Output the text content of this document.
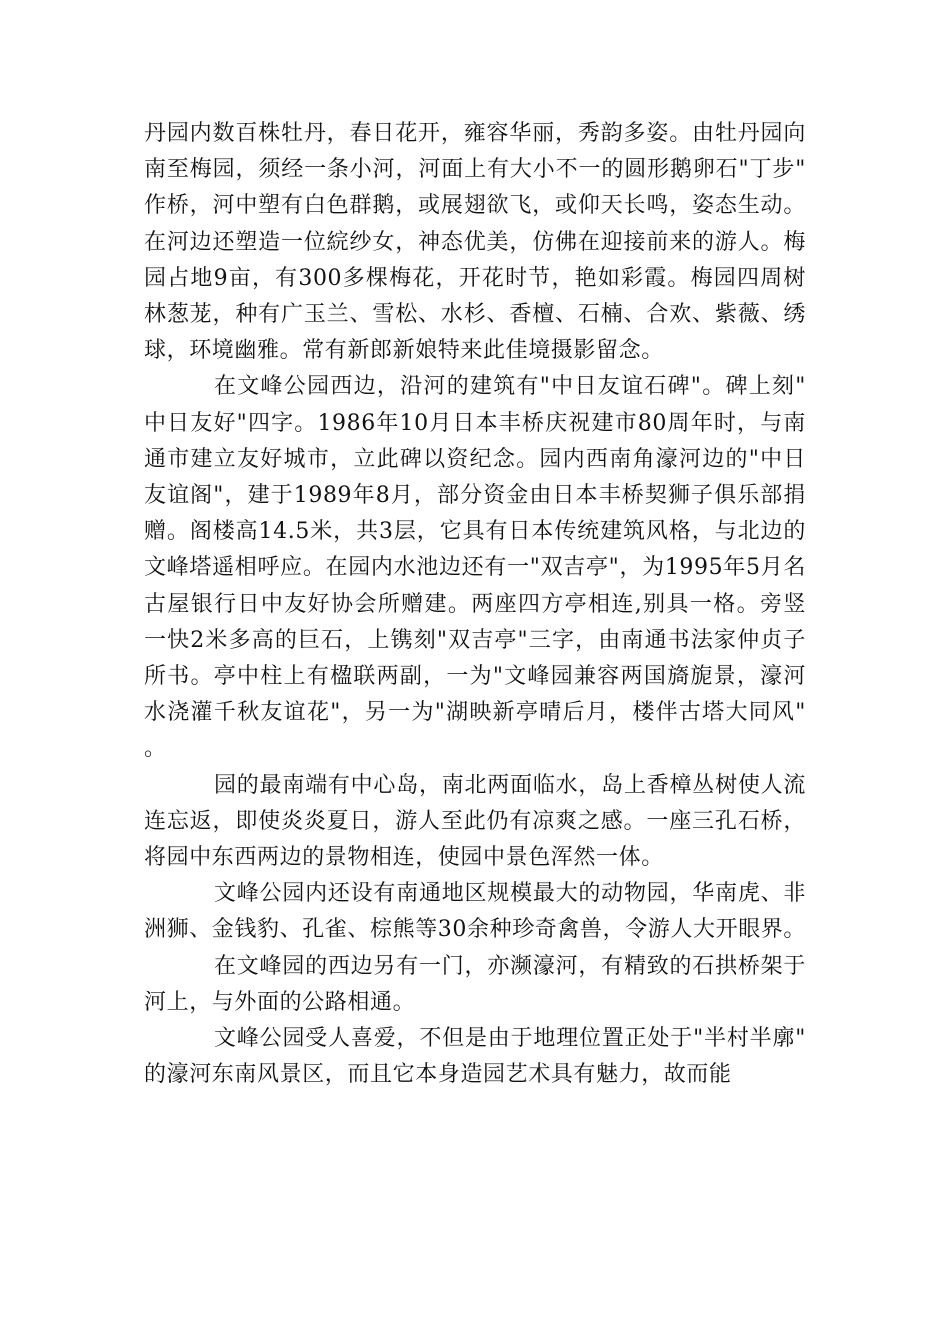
丹园内数百株牡丹，春日花开，雍容华丽，秀韵多姿。由牡丹园向南至梅园，须经一条小河，河面上有大小不一的圆形鹅卵石"丁步"作桥，河中塑有白色群鹅，或展翅欲飞，或仰天长鸣，姿态生动。在河边还塑造一位綄纱女，神态优美，仿佛在迎接前来的游人。梅园占地9亩，有300多棵梅花，开花时节，艳如彩霞。梅园四周树林葱茏，种有广玉兰、雪松、水杉、香檀、石楠、合欢、紫薇、绣球，环境幽雅。常有新郎新娘特来此佳境摄影留念。

在文峰公园西边，沿河的建筑有"中日友谊石碑"。碑上刻"中日友好"四字。1986年10月日本丰桥庆祝建市80周年时，与南通市建立友好城市，立此碑以资纪念。园内西南角濠河边的"中日友谊阁"，建于1989年8月，部分资金由日本丰桥契狮子俱乐部捐赠。阁楼高14.5米，共3层，它具有日本传统建筑风格，与北边的文峰塔遥相呼应。在园内水池边还有一"双吉亭"，为1995年5月名古屋银行日中友好协会所赠建。两座四方亭相连,别具一格。旁竖一快2米多高的巨石，上镌刻"双吉亭"三字，由南通书法家仲贞子所书。亭中柱上有楹联两副，一为"文峰园兼容两国旖旎景，濠河水浇灌千秋友谊花"，另一为"湖映新亭晴后月，楼伴古塔大同风"。

园的最南端有中心岛，南北两面临水，岛上香樟丛树使人流连忘返，即使炎炎夏日，游人至此仍有凉爽之感。一座三孔石桥，将园中东西两边的景物相连，使园中景色浑然一体。

文峰公园内还设有南通地区规模最大的动物园，华南虎、非洲狮、金钱豹、孔雀、棕熊等30余种珍奇禽兽，令游人大开眼界。

在文峰园的西边另有一门，亦濒濠河，有精致的石拱桥架于河上，与外面的公路相通。

文峰公园受人喜爱，不但是由于地理位置正处于"半村半廓"的濠河东南风景区，而且它本身造园艺术具有魅力，故而能
